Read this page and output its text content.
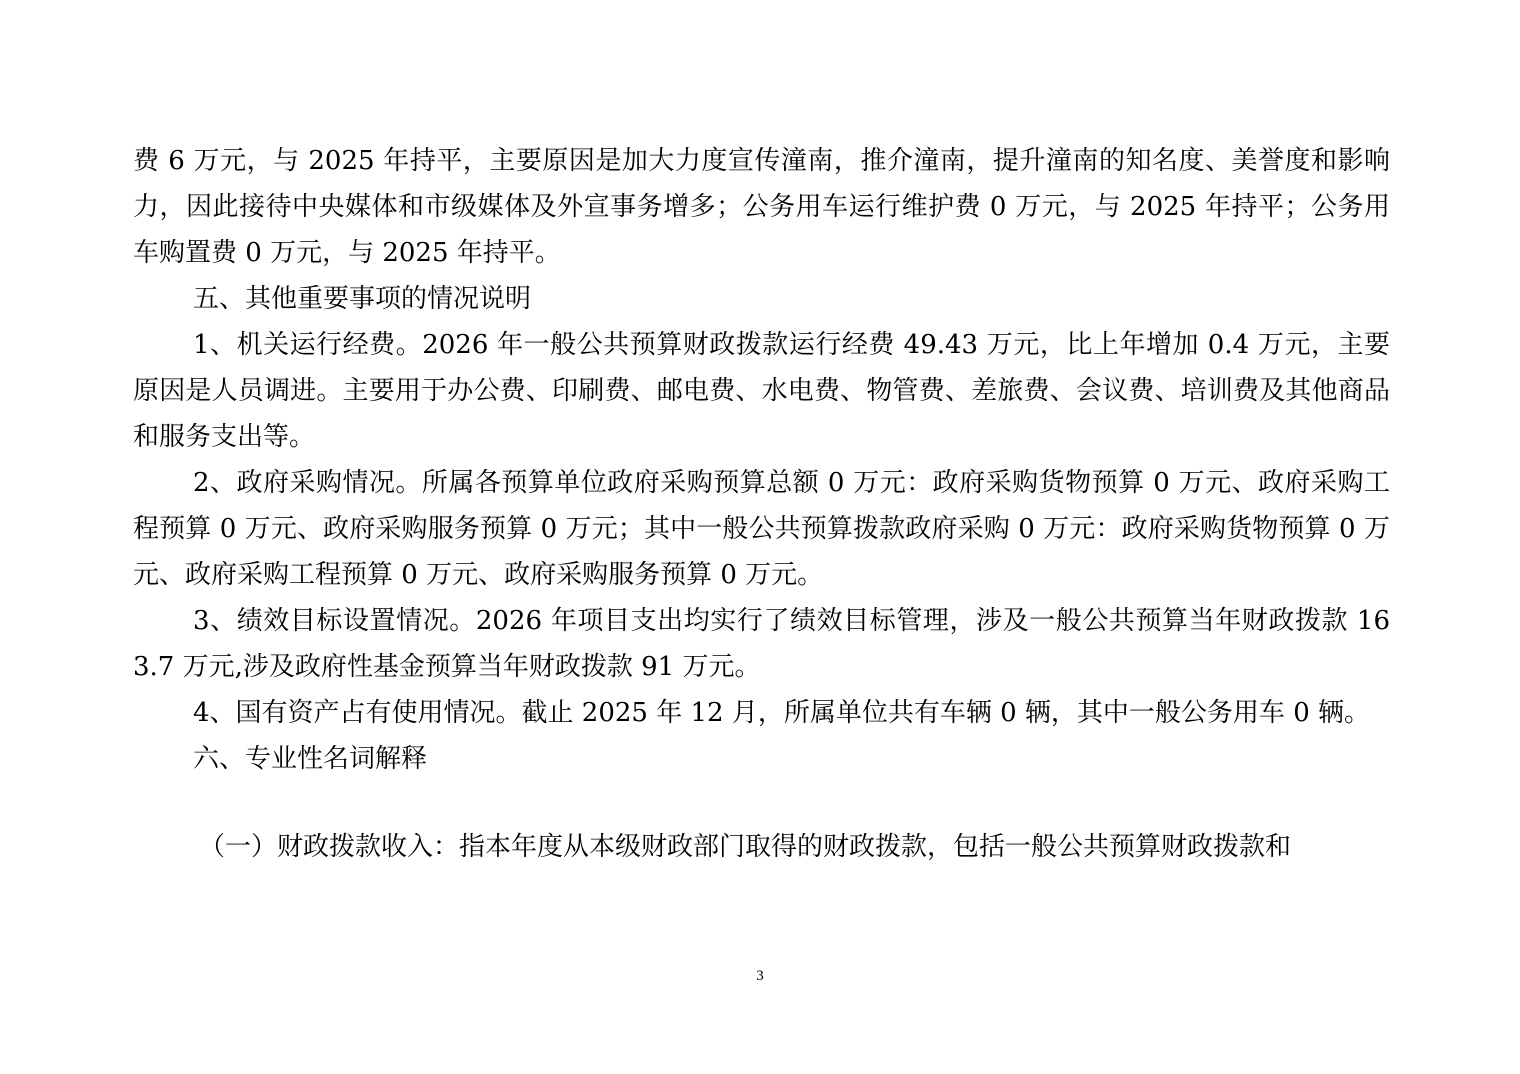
费 6 万元，与 2025 年持平，主要原因是加大力度宣传潼南，推介潼南，提升潼南的知名度、美誉度和影响力，因此接待中央媒体和市级媒体及外宣事务增多；公务用车运行维护费 0 万元，与 2025 年持平；公务用车购置费 0 万元，与 2025 年持平。

五、其他重要事项的情况说明

1、机关运行经费。2026 年一般公共预算财政拨款运行经费 49.43 万元，比上年增加 0.4 万元，主要原因是人员调进。主要用于办公费、印刷费、邮电费、水电费、物管费、差旅费、会议费、培训费及其他商品和服务支出等。

2、政府采购情况。所属各预算单位政府采购预算总额 0 万元：政府采购货物预算 0 万元、政府采购工程预算 0 万元、政府采购服务预算 0 万元；其中一般公共预算拨款政府采购 0 万元：政府采购货物预算 0 万元、政府采购工程预算 0 万元、政府采购服务预算 0 万元。

3、绩效目标设置情况。2026 年项目支出均实行了绩效目标管理，涉及一般公共预算当年财政拨款 163.7 万元,涉及政府性基金预算当年财政拨款 91 万元。

4、国有资产占有使用情况。截止 2025 年 12 月，所属单位共有车辆 0 辆，其中一般公务用车 0 辆。

六、专业性名词解释

（一）财政拨款收入：指本年度从本级财政部门取得的财政拨款，包括一般公共预算财政拨款和

3
